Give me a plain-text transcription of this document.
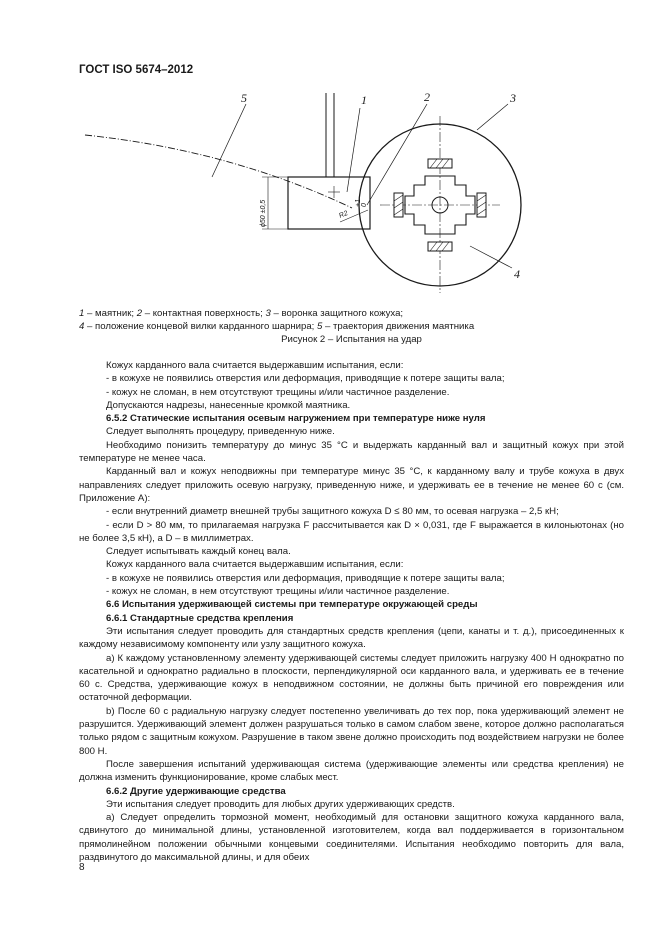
ГОСТ ISO 5674–2012
5	1	2	3
4
ϕ50 ±0,5	R2
+1 0
1 – маятник; 2 – контактная поверхность; 3 – воронка защитного кожуха;
4 – положение концевой вилки карданного шарнира; 5 – траектория движения маятника
Рисунок 2 – Испытания на удар

Кожух карданного вала считается выдержавшим испытания, если:

- в кожухе не появились отверстия или деформация, приводящие к потере защиты вала;

- кожух не сломан, в нем отсутствуют трещины и/или частичное разделение.

Допускаются надрезы, нанесенные кромкой маятника.

6.5.2 Статические испытания осевым нагружением при температуре ниже нуля

Следует выполнять процедуру, приведенную ниже.

Необходимо понизить температуру до минус 35 °С и выдержать карданный вал и защитный кожух при этой температуре не менее часа.

Карданный вал и кожух неподвижны при температуре минус 35 °С, к карданному валу и трубе кожуха в двух направлениях следует приложить осевую нагрузку, приведенную ниже, и удерживать ее в течение не менее 60 с (см. Приложение А):

- если внутренний диаметр внешней трубы защитного кожуха D ≤ 80 мм, то осевая нагрузка – 2,5 кН;

- если D > 80 мм, то прилагаемая нагрузка F рассчитывается как D × 0,031, где F выражается в килоньютонах (но не более 3,5 кН), а D – в миллиметрах.

Следует испытывать каждый конец вала.

Кожух карданного вала считается выдержавшим испытания, если:

- в кожухе не появились отверстия или деформация, приводящие к потере защиты вала;

- кожух не сломан, в нем отсутствуют трещины и/или частичное разделение.

6.6 Испытания удерживающей системы при температуре окружающей среды

6.6.1 Стандартные средства крепления

Эти испытания следует проводить для стандартных средств крепления (цепи, канаты и т. д.), присоединенных к каждому независимому компоненту или узлу защитного кожуха.

а) К каждому установленному элементу удерживающей системы следует приложить нагрузку 400 Н однократно по касательной и однократно радиально в плоскости, перпендикулярной оси карданного вала, и удерживать ее в течение 60 с. Средства, удерживающие кожух в неподвижном состоянии, не должны быть причиной его повреждения или остаточной деформации.

b) После 60 с радиальную нагрузку следует постепенно увеличивать до тех пор, пока удерживающий элемент не разрушится. Удерживающий элемент должен разрушаться только в самом слабом звене, которое должно располагаться только рядом с защитным кожухом. Разрушение в таком звене должно происходить под воздействием нагрузки не более 800 Н.

После завершения испытаний удерживающая система (удерживающие элементы или средства крепления) не должна изменить функционирование, кроме слабых мест.

6.6.2 Другие удерживающие средства

Эти испытания следует проводить для любых других удерживающих средств.

а) Следует определить тормозной момент, необходимый для остановки защитного кожуха карданного вала, сдвинутого до минимальной длины, установленной изготовителем, когда вал поддерживается в горизонтальном прямолинейном положении обычными концевыми соединителями. Испытания необходимо повторить для вала, раздвинутого до максимальной длины, и для обеих

8
